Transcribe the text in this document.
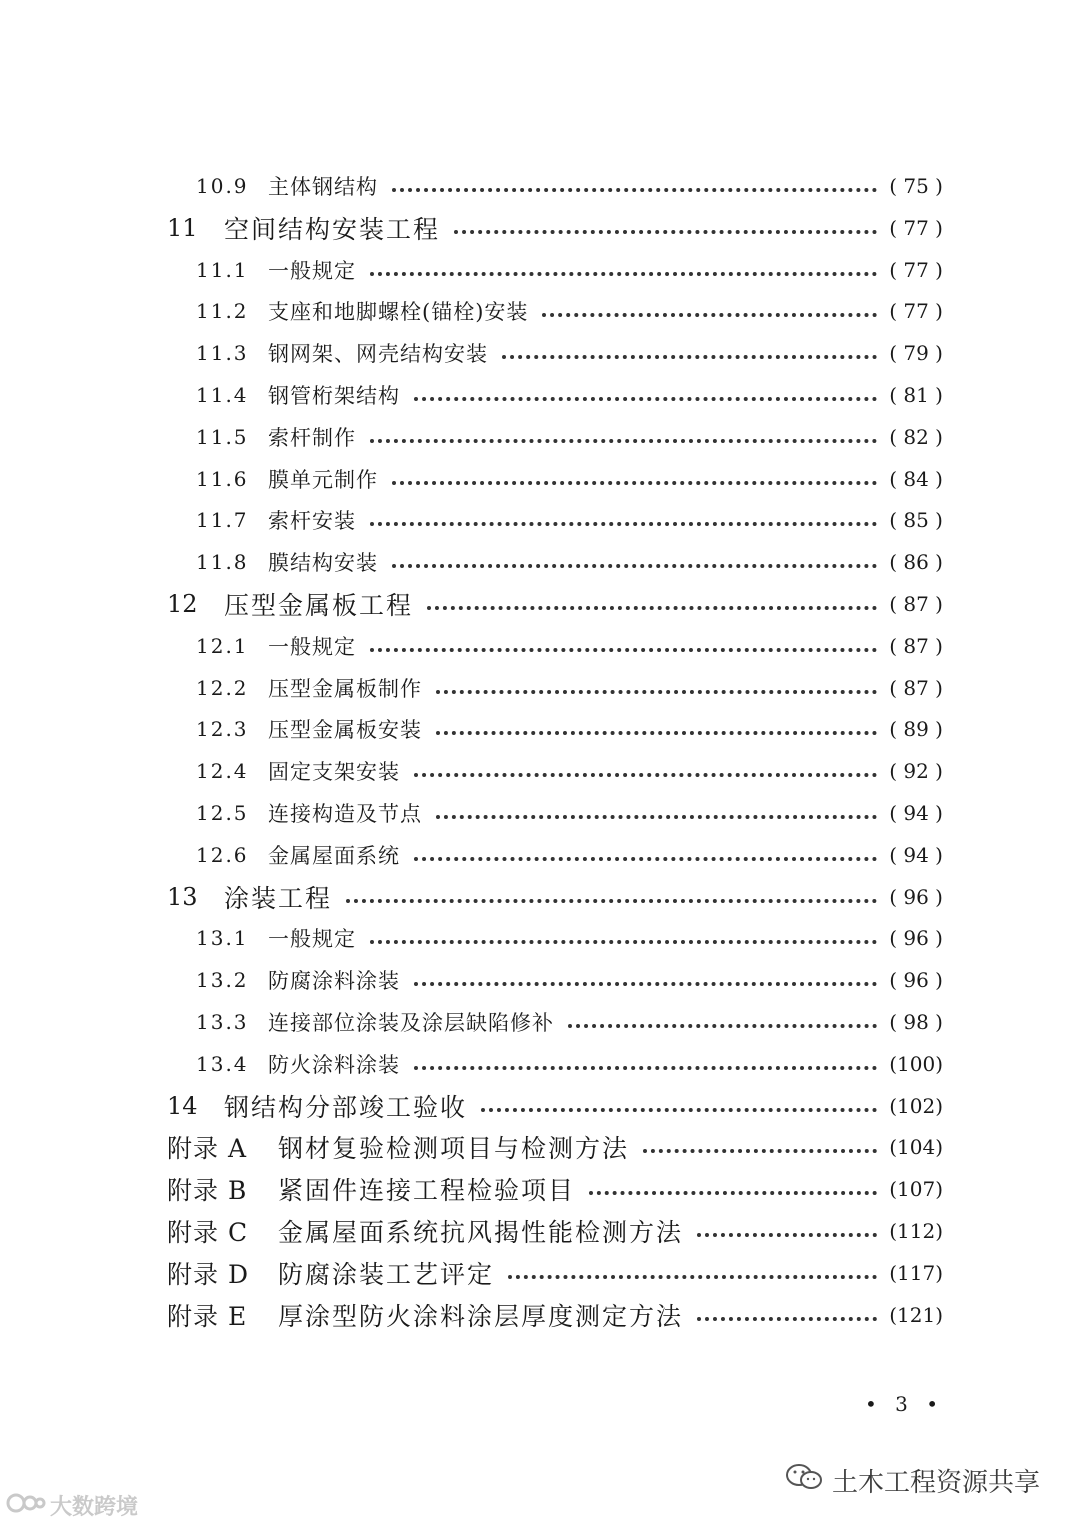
10.9 主体钢结构	( 75 )
11 空间结构安装工程	( 77 )
11.1 一般规定	( 77 )
11.2 支座和地脚螺栓(锚栓)安装	( 77 )
11.3 钢网架、网壳结构安装	( 79 )
11.4 钢管桁架结构	( 81 )
11.5 索杆制作	( 82 )
11.6 膜单元制作	( 84 )
11.7 索杆安装	( 85 )
11.8 膜结构安装	( 86 )
12 压型金属板工程	( 87 )
12.1 一般规定	( 87 )
12.2 压型金属板制作	( 87 )
12.3 压型金属板安装	( 89 )
12.4 固定支架安装	( 92 )
12.5 连接构造及节点	( 94 )
12.6 金属屋面系统	( 94 )
13 涂装工程	( 96 )
13.1 一般规定	( 96 )
13.2 防腐涂料涂装	( 96 )
13.3 连接部位涂装及涂层缺陷修补	( 98 )
13.4 防火涂料涂装	(100)
14 钢结构分部竣工验收	(102)
附录 A 钢材复验检测项目与检测方法	(104)
附录 B 紧固件连接工程检验项目	(107)
附录 C 金属屋面系统抗风揭性能检测方法	(112)
附录 D 防腐涂装工艺评定	(117)
附录 E 厚涂型防火涂料涂层厚度测定方法	(121)
• 3 •
大数跨境
土木工程资源共享
